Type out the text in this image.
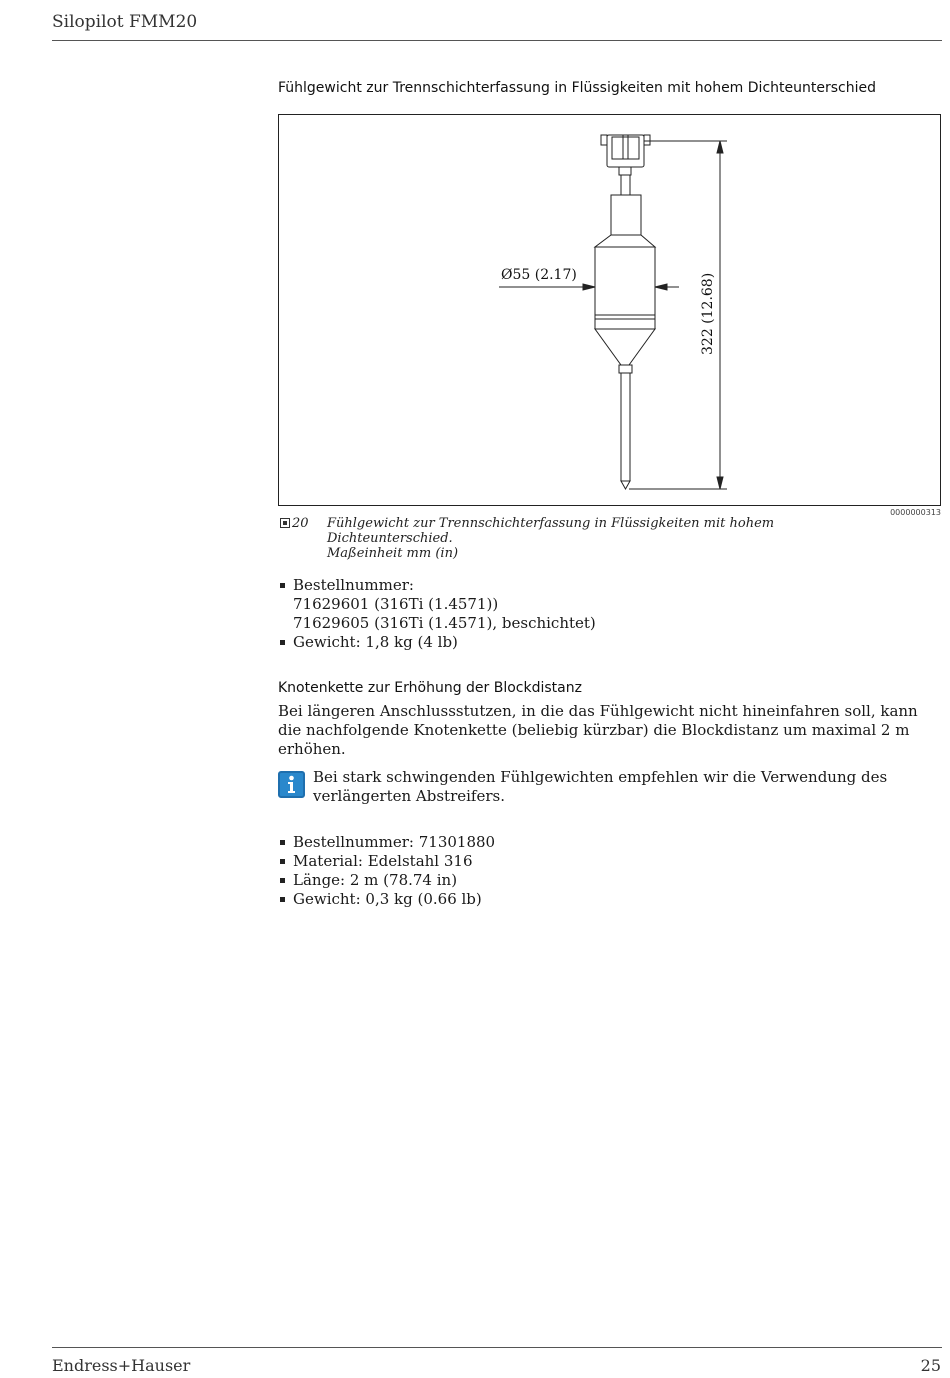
Silopilot FMM20
Fühlgewicht zur Trennschichterfassung in Flüssigkeiten mit hohem Dichteunterschied
Ø55 (2.17)	322 (12.68)
0000000313
20 Fühlgewicht zur Trennschichterfassung in Flüssigkeiten mit hohem Dichteunterschied.
Maßeinheit mm (in)
Bestellnummer:
71629601 (316Ti (1.4571))
71629605 (316Ti (1.4571), beschichtet)
Gewicht: 1,8 kg (4 lb)
Knotenkette zur Erhöhung der Blockdistanz
Bei längeren Anschlussstutzen, in die das Fühlgewicht nicht hineinfahren soll, kann die nachfolgende Knotenkette (beliebig kürzbar) die Blockdistanz um maximal 2 m erhöhen.
Bei stark schwingenden Fühlgewichten empfehlen wir die Verwendung des verlängerten Abstreifers.
Bestellnummer: 71301880
Material: Edelstahl 316
Länge: 2 m (78.74 in)
Gewicht: 0,3 kg (0.66 lb)
Endress+Hauser	25
